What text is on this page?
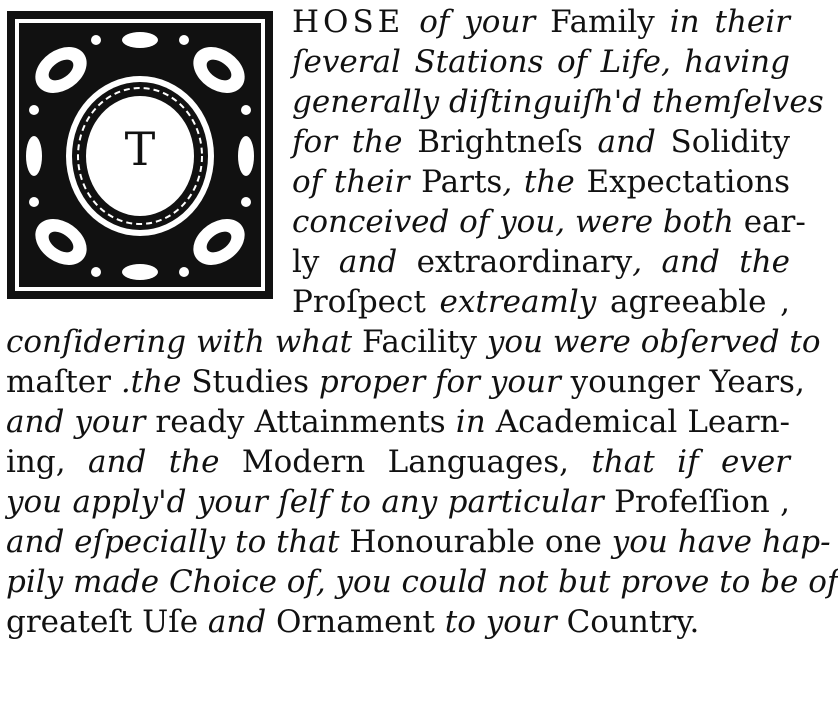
T
HOSE of your Family in their
ſeveral Stations of Life, having
generally diſtinguiſh'd themſelves
for the Brightneſs and Solidity
of their Parts, the Expectations
conceived of you, were both ear-
ly and extraordinary, and the
Proſpect extreamly agreeable ,
conſidering with what Facility you were obſerved to
maſter .the Studies proper for your younger Years,
and your ready Attainments in Academical Learn-
ing, and the Modern Languages, that if ever
you apply'd your ſelf to any particular Profeſſion ,
and eſpecially to that Honourable one you have hap-
pily made Choice of, you could not but prove to be of
greateſt Uſe and Ornament to your Country.
